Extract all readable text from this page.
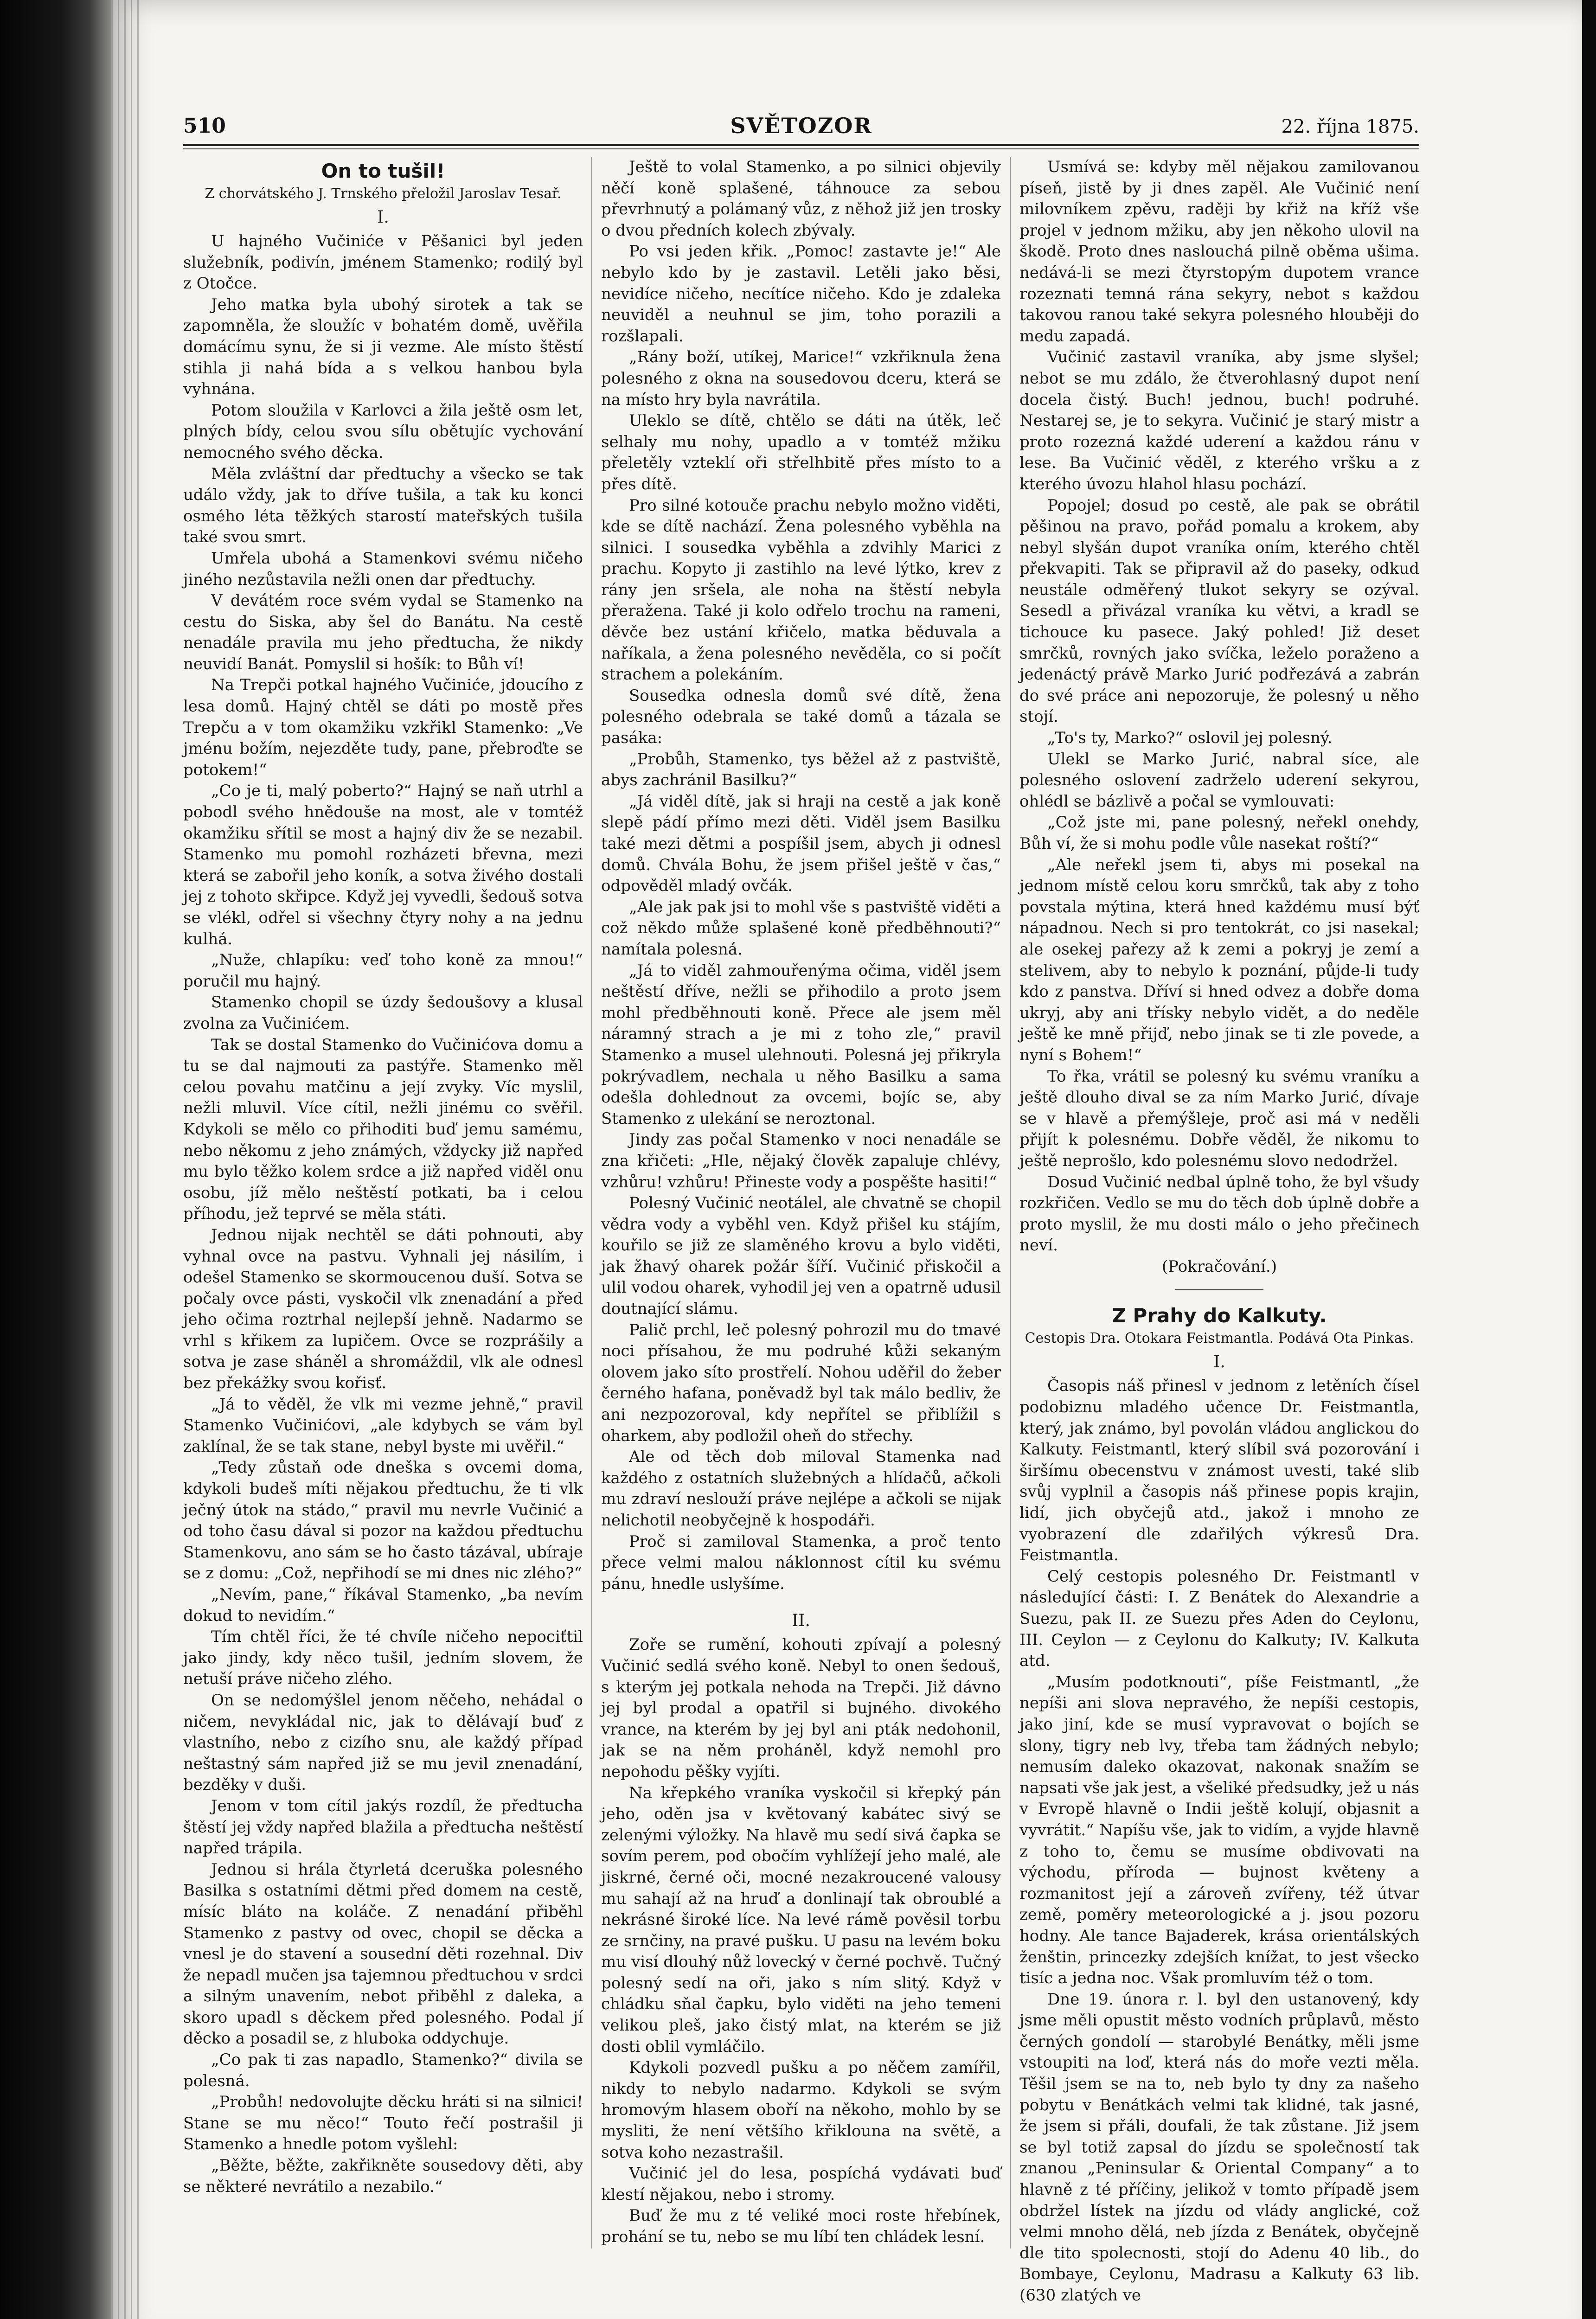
510	SVĚTOZOR	22. října 1875.
On to tušil!
Z chorvátského J. Trnského přeložil Jaroslav Tesař.
I.

U hajného Vučiniće v Pěšanici byl jeden služebník, podivín, jménem Stamenko; rodilý byl z Otočce.

Jeho matka byla ubohý sirotek a tak se zapomněla, že sloužíc v bohatém domě, uvěřila domácímu synu, že si ji vezme. Ale místo štěstí stihla ji nahá bída a s velkou hanbou byla vyhnána.

Potom sloužila v Karlovci a žila ještě osm let, plných bídy, celou svou sílu obětujíc vychování nemocného svého děcka.

Měla zvláštní dar předtuchy a všecko se tak událo vždy, jak to dříve tušila, a tak ku konci osmého léta těžkých starostí mateřských tušila také svou smrt.

Umřela ubohá a Stamenkovi svému ničeho jiného nezůstavila nežli onen dar předtuchy.

V devátém roce svém vydal se Stamenko na cestu do Siska, aby šel do Banátu. Na cestě nenadále pravila mu jeho předtucha, že nikdy neuvidí Banát. Pomyslil si hošík: to Bůh ví!

Na Trepči potkal hajného Vučiniće, jdoucího z lesa domů. Hajný chtěl se dáti po mostě přes Trepču a v tom okamžiku vzkřikl Stamenko: „Ve jménu božím, nejezděte tudy, pane, přebroďte se potokem!“

„Co je ti, malý poberto?“ Hajný se naň utrhl a pobodl svého hnědouše na most, ale v tomtéž okamžiku sřítil se most a hajný div že se nezabil. Stamenko mu pomohl rozházeti břevna, mezi která se zabořil jeho koník, a sotva živého dostali jej z tohoto skřipce. Když jej vyvedli, šedouš sotva se vlékl, odřel si všechny čtyry nohy a na jednu kulhá.

„Nuže, chlapíku: veď toho koně za mnou!“ poručil mu hajný.

Stamenko chopil se úzdy šedoušovy a klusal zvolna za Vučinićem.

Tak se dostal Stamenko do Vučinićova domu a tu se dal najmouti za pastýře. Stamenko měl celou povahu matčinu a její zvyky. Víc myslil, nežli mluvil. Více cítil, nežli jinému co svěřil. Kdykoli se mělo co přihoditi buď jemu samému, nebo někomu z jeho známých, vždycky již napřed mu bylo těžko kolem srdce a již napřed viděl onu osobu, jíž mělo neštěstí potkati, ba i celou příhodu, jež teprvé se měla státi.

Jednou nijak nechtěl se dáti pohnouti, aby vyhnal ovce na pastvu. Vyhnali jej násilím, i odešel Stamenko se skormoucenou duší. Sotva se počaly ovce pásti, vyskočil vlk znenadání a před jeho očima roztrhal nejlepší jehně. Nadarmo se vrhl s křikem za lupičem. Ovce se rozprášily a sotva je zase sháněl a shromáždil, vlk ale odnesl bez překážky svou kořisť.

„Já to věděl, že vlk mi vezme jehně,“ pravil Stamenko Vučinićovi, „ale kdybych se vám byl zaklínal, že se tak stane, nebyl byste mi uvěřil.“

„Tedy zůstaň ode dneška s ovcemi doma, kdykoli budeš míti nějakou předtuchu, že ti vlk ječný útok na stádo,“ pravil mu nevrle Vučinić a od toho času dával si pozor na každou předtuchu Stamenkovu, ano sám se ho často tázával, ubíraje se z domu: „Což, nepřihodí se mi dnes nic zlého?“

„Nevím, pane,“ říkával Stamenko, „ba nevím dokud to nevidím.“

Tím chtěl říci, že té chvíle ničeho nepociťtil jako jindy, kdy něco tušil, jedním slovem, že netuší práve ničeho zlého.

On se nedomýšlel jenom něčeho, nehádal o ničem, nevykládal nic, jak to dělávají buď z vlastního, nebo z cizího snu, ale každý případ neštastný sám napřed již se mu jevil znenadání, bezděky v duši.

Jenom v tom cítil jakýs rozdíl, že předtucha štěstí jej vždy napřed blažila a předtucha neštěstí napřed trápila.

Jednou si hrála čtyrletá dceruška polesného Basilka s ostatními dětmi před domem na cestě, mísíc bláto na koláče. Z nenadání přiběhl Stamenko z pastvy od ovec, chopil se děcka a vnesl je do stavení a sousední děti rozehnal. Div že nepadl mučen jsa tajemnou předtuchou v srdci a silným unavením, nebot přiběhl z daleka, a skoro upadl s děckem před polesného. Podal jí děcko a posadil se, z hluboka oddychuje.

„Co pak ti zas napadlo, Stamenko?“ divila se polesná.

„Probůh! nedovolujte děcku hráti si na silnici! Stane se mu něco!“ Touto řečí postrašil ji Stamenko a hnedle potom vyšlehl:

„Běžte, běžte, zakřikněte sousedovy děti, aby se některé nevrátilo a nezabilo.“

Ještě to volal Stamenko, a po silnici objevily něčí koně splašené, táhnouce za sebou převrhnutý a polámaný vůz, z něhož již jen trosky o dvou předních kolech zbývaly.

Po vsi jeden křik. „Pomoc! zastavte je!“ Ale nebylo kdo by je zastavil. Letěli jako běsi, nevidíce ničeho, necítíce ničeho. Kdo je zdaleka neuviděl a neuhnul se jim, toho porazili a rozšlapali.

„Rány boží, utíkej, Marice!“ vzkřiknula žena polesného z okna na sousedovou dceru, která se na místo hry byla navrátila.

Uleklo se dítě, chtělo se dáti na útěk, leč selhaly mu nohy, upadlo a v tomtéž mžiku přeletěly vzteklí oři střelhbitě přes místo to a přes dítě.

Pro silné kotouče prachu nebylo možno viděti, kde se dítě nachází. Žena polesného vyběhla na silnici. I sousedka vyběhla a zdvihly Marici z prachu. Kopyto ji zastihlo na levé lýtko, krev z rány jen sršela, ale noha na štěstí nebyla přeražena. Také ji kolo odřelo trochu na rameni, děvče bez ustání křičelo, matka běduvala a naříkala, a žena polesného nevěděla, co si počít strachem a polekáním.

Sousedka odnesla domů své dítě, žena polesného odebrala se také domů a tázala se pasáka:

„Probůh, Stamenko, tys běžel až z pastviště, abys zachránil Basilku?“

„Já viděl dítě, jak si hraji na cestě a jak koně slepě pádí přímo mezi děti. Viděl jsem Basilku také mezi dětmi a pospíšil jsem, abych ji odnesl domů. Chvála Bohu, že jsem přišel ještě v čas,“ odpověděl mladý ovčák.

„Ale jak pak jsi to mohl vše s pastviště viděti a což někdo může splašené koně předběhnouti?“ namítala polesná.

„Já to viděl zahmouřenýma očima, viděl jsem neštěstí dříve, nežli se přihodilo a proto jsem mohl předběhnouti koně. Přece ale jsem měl náramný strach a je mi z toho zle,“ pravil Stamenko a musel ulehnouti. Polesná jej přikryla pokrývadlem, nechala u něho Basilku a sama odešla dohlednout za ovcemi, bojíc se, aby Stamenko z ulekání se neroztonal.

Jindy zas počal Stamenko v noci nenadále se zna křičeti: „Hle, nějaký člověk zapaluje chlévy, vzhůru! vzhůru! Přineste vody a pospěšte hasiti!“

Polesný Vučinić neotálel, ale chvatně se chopil vědra vody a vyběhl ven. Když přišel ku stájím, kouřilo se již ze slaměného krovu a bylo viděti, jak žhavý oharek požár šíří. Vučinić přiskočil a ulil vodou oharek, vyhodil jej ven a opatrně udusil doutnající slámu.

Palič prchl, leč polesný pohrozil mu do tmavé noci přísahou, že mu podruhé kůži sekaným olovem jako síto prostřelí. Nohou uděřil do žeber černého hafana, poněvadž byl tak málo bedliv, že ani nezpozoroval, kdy nepřítel se přiblížil s oharkem, aby podložil oheň do střechy.

Ale od těch dob miloval Stamenka nad každého z ostatních služebných a hlídačů, ačkoli mu zdraví neslouží práve nejlépe a ačkoli se nijak nelichotil neobyčejně k hospodáři.

Proč si zamiloval Stamenka, a proč tento přece velmi malou náklonnost cítil ku svému pánu, hnedle uslyšíme.

II.

Zoře se rumění, kohouti zpívají a polesný Vučinić sedlá svého koně. Nebyl to onen šedouš, s kterým jej potkala nehoda na Trepči. Již dávno jej byl prodal a opatřil si bujného. divokého vrance, na kterém by jej byl ani pták nedohonil, jak se na něm proháněl, když nemohl pro nepohodu pěšky vyjíti.

Na křepkého vraníka vyskočil si křepký pán jeho, oděn jsa v květovaný kabátec sivý se zelenými výložky. Na hlavě mu sedí sivá čapka se sovím perem, pod obočím vyhlížejí jeho malé, ale jiskrné, černé oči, mocné nezakroucené valousy mu sahají až na hruď a donlinají tak obroublé a nekrásné široké líce. Na levé rámě pověsil torbu ze srnčiny, na pravé pušku. U pasu na levém boku mu visí dlouhý nůž lovecký v černé pochvě. Tučný polesný sedí na oři, jako s ním slitý. Když v chládku sňal čapku, bylo viděti na jeho temeni velikou pleš, jako čistý mlat, na kterém se již dosti oblil vymláčilo.

Kdykoli pozvedl pušku a po něčem zamířil, nikdy to nebylo nadarmo. Kdykoli se svým hromovým hlasem oboří na někoho, mohlo by se mysliti, že není většího křiklouna na světě, a sotva koho nezastrašil.

Vučinić jel do lesa, pospíchá vydávati buď klestí nějakou, nebo i stromy.

Buď že mu z té veliké moci roste hřebínek, prohání se tu, nebo se mu líbí ten chládek lesní.

Usmívá se: kdyby měl nějakou zamilovanou píseň, jistě by ji dnes zapěl. Ale Vučinić není milovníkem zpěvu, raději by křiž na kříž vše projel v jednom mžiku, aby jen někoho ulovil na škodě. Proto dnes naslouchá pilně oběma ušima. nedává-li se mezi čtyrstopým dupotem vrance rozeznati temná rána sekyry, nebot s každou takovou ranou také sekyra polesného hlouběji do medu zapadá.

Vučinić zastavil vraníka, aby jsme slyšel; nebot se mu zdálo, že čtverohlasný dupot není docela čistý. Buch! jednou, buch! podruhé. Nestarej se, je to sekyra. Vučinić je starý mistr a proto rozezná každé uderení a každou ránu v lese. Ba Vučinić věděl, z kterého vršku a z kterého úvozu hlahol hlasu pochází.

Popojel; dosud po cestě, ale pak se obrátil pěšinou na pravo, pořád pomalu a krokem, aby nebyl slyšán dupot vraníka oním, kterého chtěl překvapiti. Tak se připravil až do paseky, odkud neustále odměřený tlukot sekyry se ozýval. Sesedl a přivázal vraníka ku větvi, a kradl se tichouce ku pasece. Jaký pohled! Již deset smrčků, rovných jako svíčka, leželo poraženo a jedenáctý právě Marko Jurić podřezává a zabrán do své práce ani nepozoruje, že polesný u něho stojí.

„To's ty, Marko?“ oslovil jej polesný.

Ulekl se Marko Jurić, nabral síce, ale polesného oslovení zadrželo uderení sekyrou, ohlédl se bázlivě a počal se vymlouvati:

„Což jste mi, pane polesný, neřekl onehdy, Bůh ví, že si mohu podle vůle nasekat roští?“

„Ale neřekl jsem ti, abys mi posekal na jednom místě celou koru smrčků, tak aby z toho povstala mýtina, která hned každému musí býť nápadnou. Nech si pro tentokrát, co jsi nasekal; ale osekej pařezy až k zemi a pokryj je zemí a stelivem, aby to nebylo k poznání, půjde-li tudy kdo z panstva. Dříví si hned odvez a dobře doma ukryj, aby ani třísky nebylo vidět, a do neděle ještě ke mně přijď, nebo jinak se ti zle povede, a nyní s Bohem!“

To řka, vrátil se polesný ku svému vraníku a ještě dlouho dival se za ním Marko Jurić, dívaje se v hlavě a přemýšleje, proč asi má v neděli přijít k polesnému. Dobře věděl, že nikomu to ještě neprošlo, kdo polesnému slovo nedodržel.

Dosud Vučinić nedbal úplně toho, že byl všudy rozkřičen. Vedlo se mu do těch dob úplně dobře a proto myslil, že mu dosti málo o jeho přečinech neví.

(Pokračování.)

Z Prahy do Kalkuty.
Cestopis Dra. Otokara Feistmantla. Podává Ota Pinkas.
I.

Časopis náš přinesl v jednom z letěních čísel podobiznu mladého učence Dr. Feistmantla, který, jak známo, byl povolán vládou anglickou do Kalkuty. Feistmantl, který slíbil svá pozorování i širšímu obecenstvu v známost uvesti, také slib svůj vyplnil a časopis náš přinese popis krajin, lidí, jich obyčejů atd., jakož i mnoho ze vyobrazení dle zdařilých výkresů Dra. Feistmantla.

Celý cestopis polesného Dr. Feistmantl v následující části: I. Z Benátek do Alexandrie a Suezu, pak II. ze Suezu přes Aden do Ceylonu, III. Ceylon — z Ceylonu do Kalkuty; IV. Kalkuta atd.

„Musím podotknouti“, píše Feistmantl, „že nepíši ani slova nepravého, že nepíši cestopis, jako jiní, kde se musí vypravovat o bojích se slony, tigry neb lvy, třeba tam žádných nebylo; nemusím daleko okazovat, nakonak snažím se napsati vše jak jest, a všeliké předsudky, jež u nás v Evropě hlavně o Indii ještě kolují, objasnit a vyvrátit.“ Napíšu vše, jak to vidím, a vyjde hlavně z toho to, čemu se musíme obdivovati na východu, příroda — bujnost květeny a rozmanitost její a zároveň zvířeny, též útvar země, poměry meteorologické a j. jsou pozoru hodny. Ale tance Bajaderek, krása orientálských ženštin, princezky zdejších knížat, to jest všecko tisíc a jedna noc. Však promluvím též o tom.

Dne 19. února r. l. byl den ustanovený, kdy jsme měli opustit město vodních průplavů, město černých gondolí — starobylé Benátky, měli jsme vstoupiti na loď, která nás do moře vezti měla. Těšil jsem se na to, neb bylo ty dny za našeho pobytu v Benátkách velmi tak klidné, tak jasné, že jsem si přáli, doufali, že tak zůstane. Již jsem se byl totiž zapsal do jízdu se společností tak znanou „Peninsular & Oriental Company“ a to hlavně z té příčiny, jelikož v tomto případě jsem obdržel lístek na jízdu od vlády anglické, což velmi mnoho dělá, neb jízda z Benátek, obyčejně dle tito spolecnosti, stojí do Adenu 40 lib., do Bombaye, Ceylonu, Madrasu a Kalkuty 63 lib. (630 zlatých ve
